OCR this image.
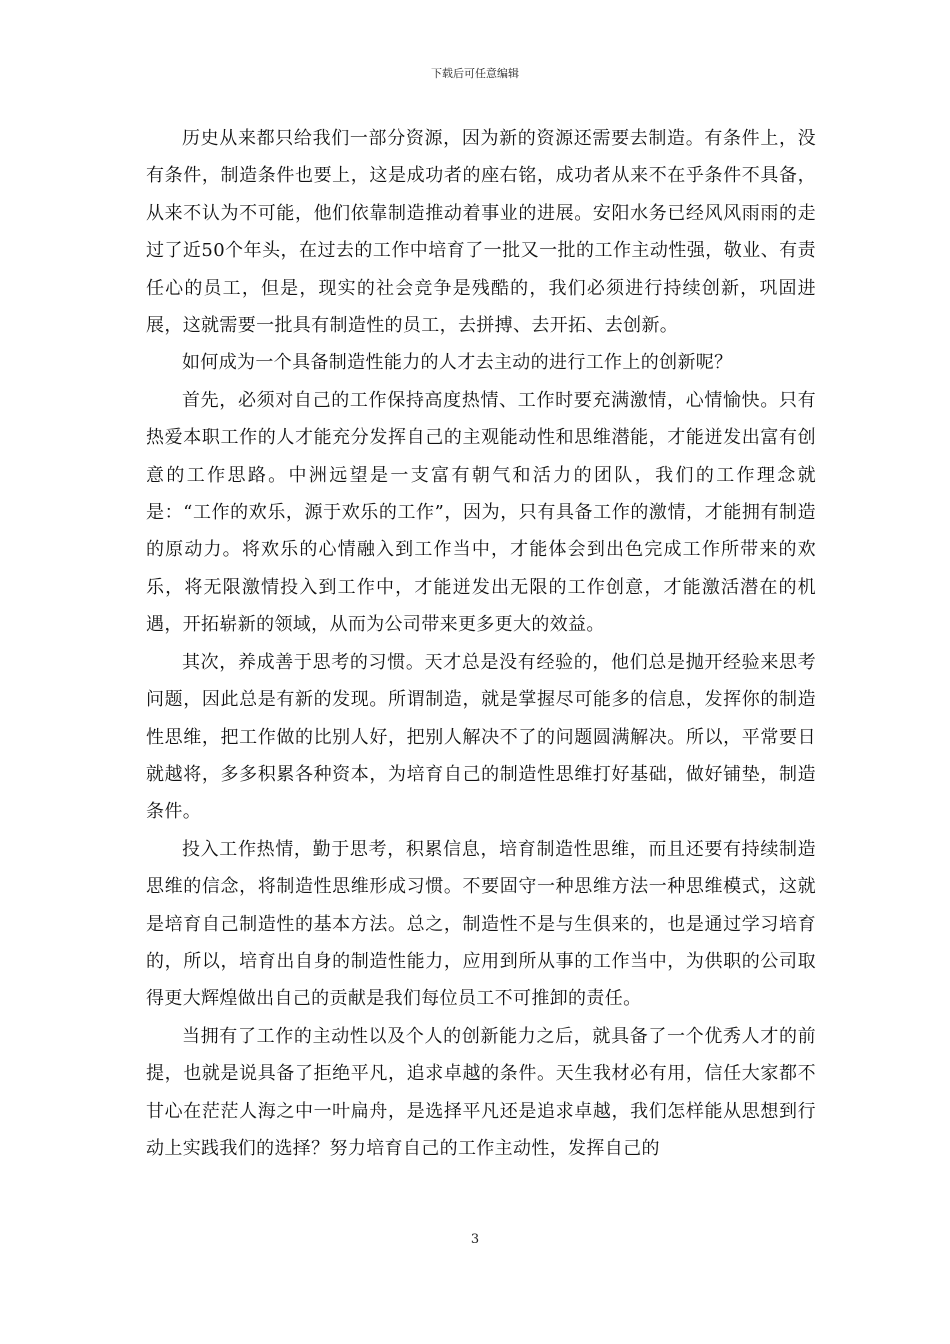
下载后可任意编辑

历史从来都只给我们一部分资源，因为新的资源还需要去制造。有条件上，没有条件，制造条件也要上，这是成功者的座右铭，成功者从来不在乎条件不具备，从来不认为不可能，他们依靠制造推动着事业的进展。安阳水务已经风风雨雨的走过了近50个年头，在过去的工作中培育了一批又一批的工作主动性强，敬业、有责任心的员工，但是，现实的社会竞争是残酷的，我们必须进行持续创新，巩固进展，这就需要一批具有制造性的员工，去拼搏、去开拓、去创新。

如何成为一个具备制造性能力的人才去主动的进行工作上的创新呢？

首先，必须对自己的工作保持高度热情、工作时要充满激情，心情愉快。只有热爱本职工作的人才能充分发挥自己的主观能动性和思维潜能，才能迸发出富有创意的工作思路。中洲远望是一支富有朝气和活力的团队，我们的工作理念就是：“工作的欢乐，源于欢乐的工作”，因为，只有具备工作的激情，才能拥有制造的原动力。将欢乐的心情融入到工作当中，才能体会到出色完成工作所带来的欢乐，将无限激情投入到工作中，才能迸发出无限的工作创意，才能激活潜在的机遇，开拓崭新的领域，从而为公司带来更多更大的效益。

其次，养成善于思考的习惯。天才总是没有经验的，他们总是抛开经验来思考问题，因此总是有新的发现。所谓制造，就是掌握尽可能多的信息，发挥你的制造性思维，把工作做的比别人好，把别人解决不了的问题圆满解决。所以，平常要日就越将，多多积累各种资本，为培育自己的制造性思维打好基础，做好铺垫，制造条件。

投入工作热情，勤于思考，积累信息，培育制造性思维，而且还要有持续制造思维的信念，将制造性思维形成习惯。不要固守一种思维方法一种思维模式，这就是培育自己制造性的基本方法。总之，制造性不是与生俱来的，也是通过学习培育的，所以，培育出自身的制造性能力，应用到所从事的工作当中，为供职的公司取得更大辉煌做出自己的贡献是我们每位员工不可推卸的责任。

当拥有了工作的主动性以及个人的创新能力之后，就具备了一个优秀人才的前提，也就是说具备了拒绝平凡，追求卓越的条件。天生我材必有用，信任大家都不甘心在茫茫人海之中一叶扁舟，是选择平凡还是追求卓越，我们怎样能从思想到行动上实践我们的选择？努力培育自己的工作主动性，发挥自己的

3
